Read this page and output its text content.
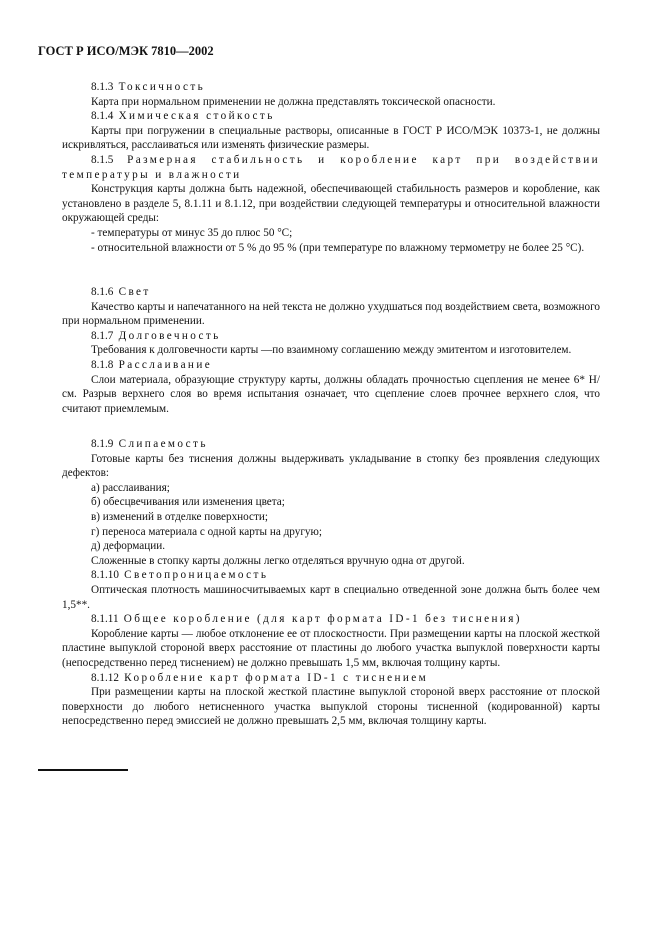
ГОСТ Р ИСО/МЭК 7810—2002

8.1.3 Токсичность

Карта при нормальном применении не должна представлять токсической опасности.

8.1.4 Химическая стойкость

Карты при погружении в специальные растворы, описанные в ГОСТ Р ИСО/МЭК 10373-1, не должны искривляться, расслаиваться или изменять физические размеры.

8.1.5 Размерная стабильность и коробление карт при воздействии температуры и влажности

Конструкция карты должна быть надежной, обеспечивающей стабильность размеров и коробление, как установлено в разделе 5, 8.1.11 и 8.1.12, при воздействии следующей температуры и относительной влажности окружающей среды:

- температуры от минус 35 до плюс 50 °С;

- относительной влажности от 5 % до 95 % (при температуре по влажному термометру не более 25 °С).

8.1.6 Свет

Качество карты и напечатанного на ней текста не должно ухудшаться под воздействием света, возможного при нормальном применении.

8.1.7 Долговечность

Требования к долговечности карты —по взаимному соглашению между эмитентом и изготовителем.

8.1.8 Расслаивание

Слои материала, образующие структуру карты, должны обладать прочностью сцепления не менее 6* Н/см. Разрыв верхнего слоя во время испытания означает, что сцепление слоев прочнее верхнего слоя, что считают приемлемым.

8.1.9 Слипаемость

Готовые карты без тиснения должны выдерживать укладывание в стопку без проявления следующих дефектов:

а) расслаивания;

б) обесцвечивания или изменения цвета;

в) изменений в отделке поверхности;

г) переноса материала с одной карты на другую;

д) деформации.

Сложенные в стопку карты должны легко отделяться вручную одна от другой.

8.1.10 Светопроницаемость

Оптическая плотность машиносчитываемых карт в специально отведенной зоне должна быть более чем 1,5**.

8.1.11 Общее коробление (для карт формата ID-1 без тиснения)

Коробление карты — любое отклонение ее от плоскостности. При размещении карты на плоской жесткой пластине выпуклой стороной вверх расстояние от пластины до любого участка выпуклой поверхности карты (непосредственно перед тиснением) не должно превышать 1,5 мм, включая толщину карты.

8.1.12 Коробление карт формата ID-1 с тиснением

При размещении карты на плоской жесткой пластине выпуклой стороной вверх расстояние от плоской поверхности до любого нетисненного участка выпуклой стороны тисненной (кодированной) карты непосредственно перед эмиссией не должно превышать 2,5 мм, включая толщину карты.
